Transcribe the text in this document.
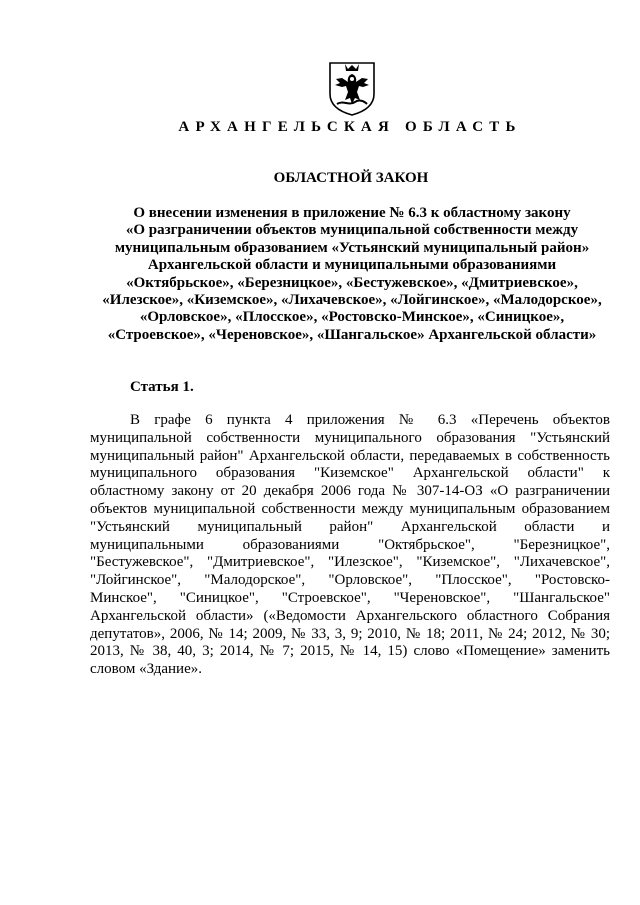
АРХАНГЕЛЬСКАЯ ОБЛАСТЬ
ОБЛАСТНОЙ ЗАКОН
О внесении изменения в приложение № 6.3 к областному закону
«О разграничении объектов муниципальной собственности между
муниципальным образованием «Устьянский муниципальный район»
Архангельской области и муниципальными образованиями
«Октябрьское», «Березницкое», «Бестужевское», «Дмитриевское»,
«Илезское», «Киземское», «Лихачевское», «Лойгинское», «Малодорское»,
«Орловское», «Плосское», «Ростовско-Минское», «Синицкое»,
«Строевское», «Череновское», «Шангальское» Архангельской области»
Статья 1.
В графе 6 пункта 4 приложения № 6.3 «Перечень объектов
муниципальной собственности муниципального образования "Устьянский
муниципальный район" Архангельской области, передаваемых в собственность
муниципального образования "Киземское" Архангельской области" к
областному закону от 20 декабря 2006 года № 307-14-ОЗ «О разграничении
объектов муниципальной собственности между муниципальным образованием
"Устьянский муниципальный район" Архангельской области и
муниципальными образованиями "Октябрьское", "Березницкое",
"Бестужевское", "Дмитриевское", "Илезское", "Киземское", "Лихачевское",
"Лойгинское", "Малодорское", "Орловское", "Плосское", "Ростовско-
Минское", "Синицкое", "Строевское", "Череновское", "Шангальское"
Архангельской области» («Ведомости Архангельского областного Собрания
депутатов», 2006, № 14; 2009, № 33, 3, 9; 2010, № 18; 2011, № 24; 2012, № 30;
2013, № 38, 40, 3; 2014, № 7; 2015, № 14, 15) слово «Помещение» заменить
словом «Здание».
